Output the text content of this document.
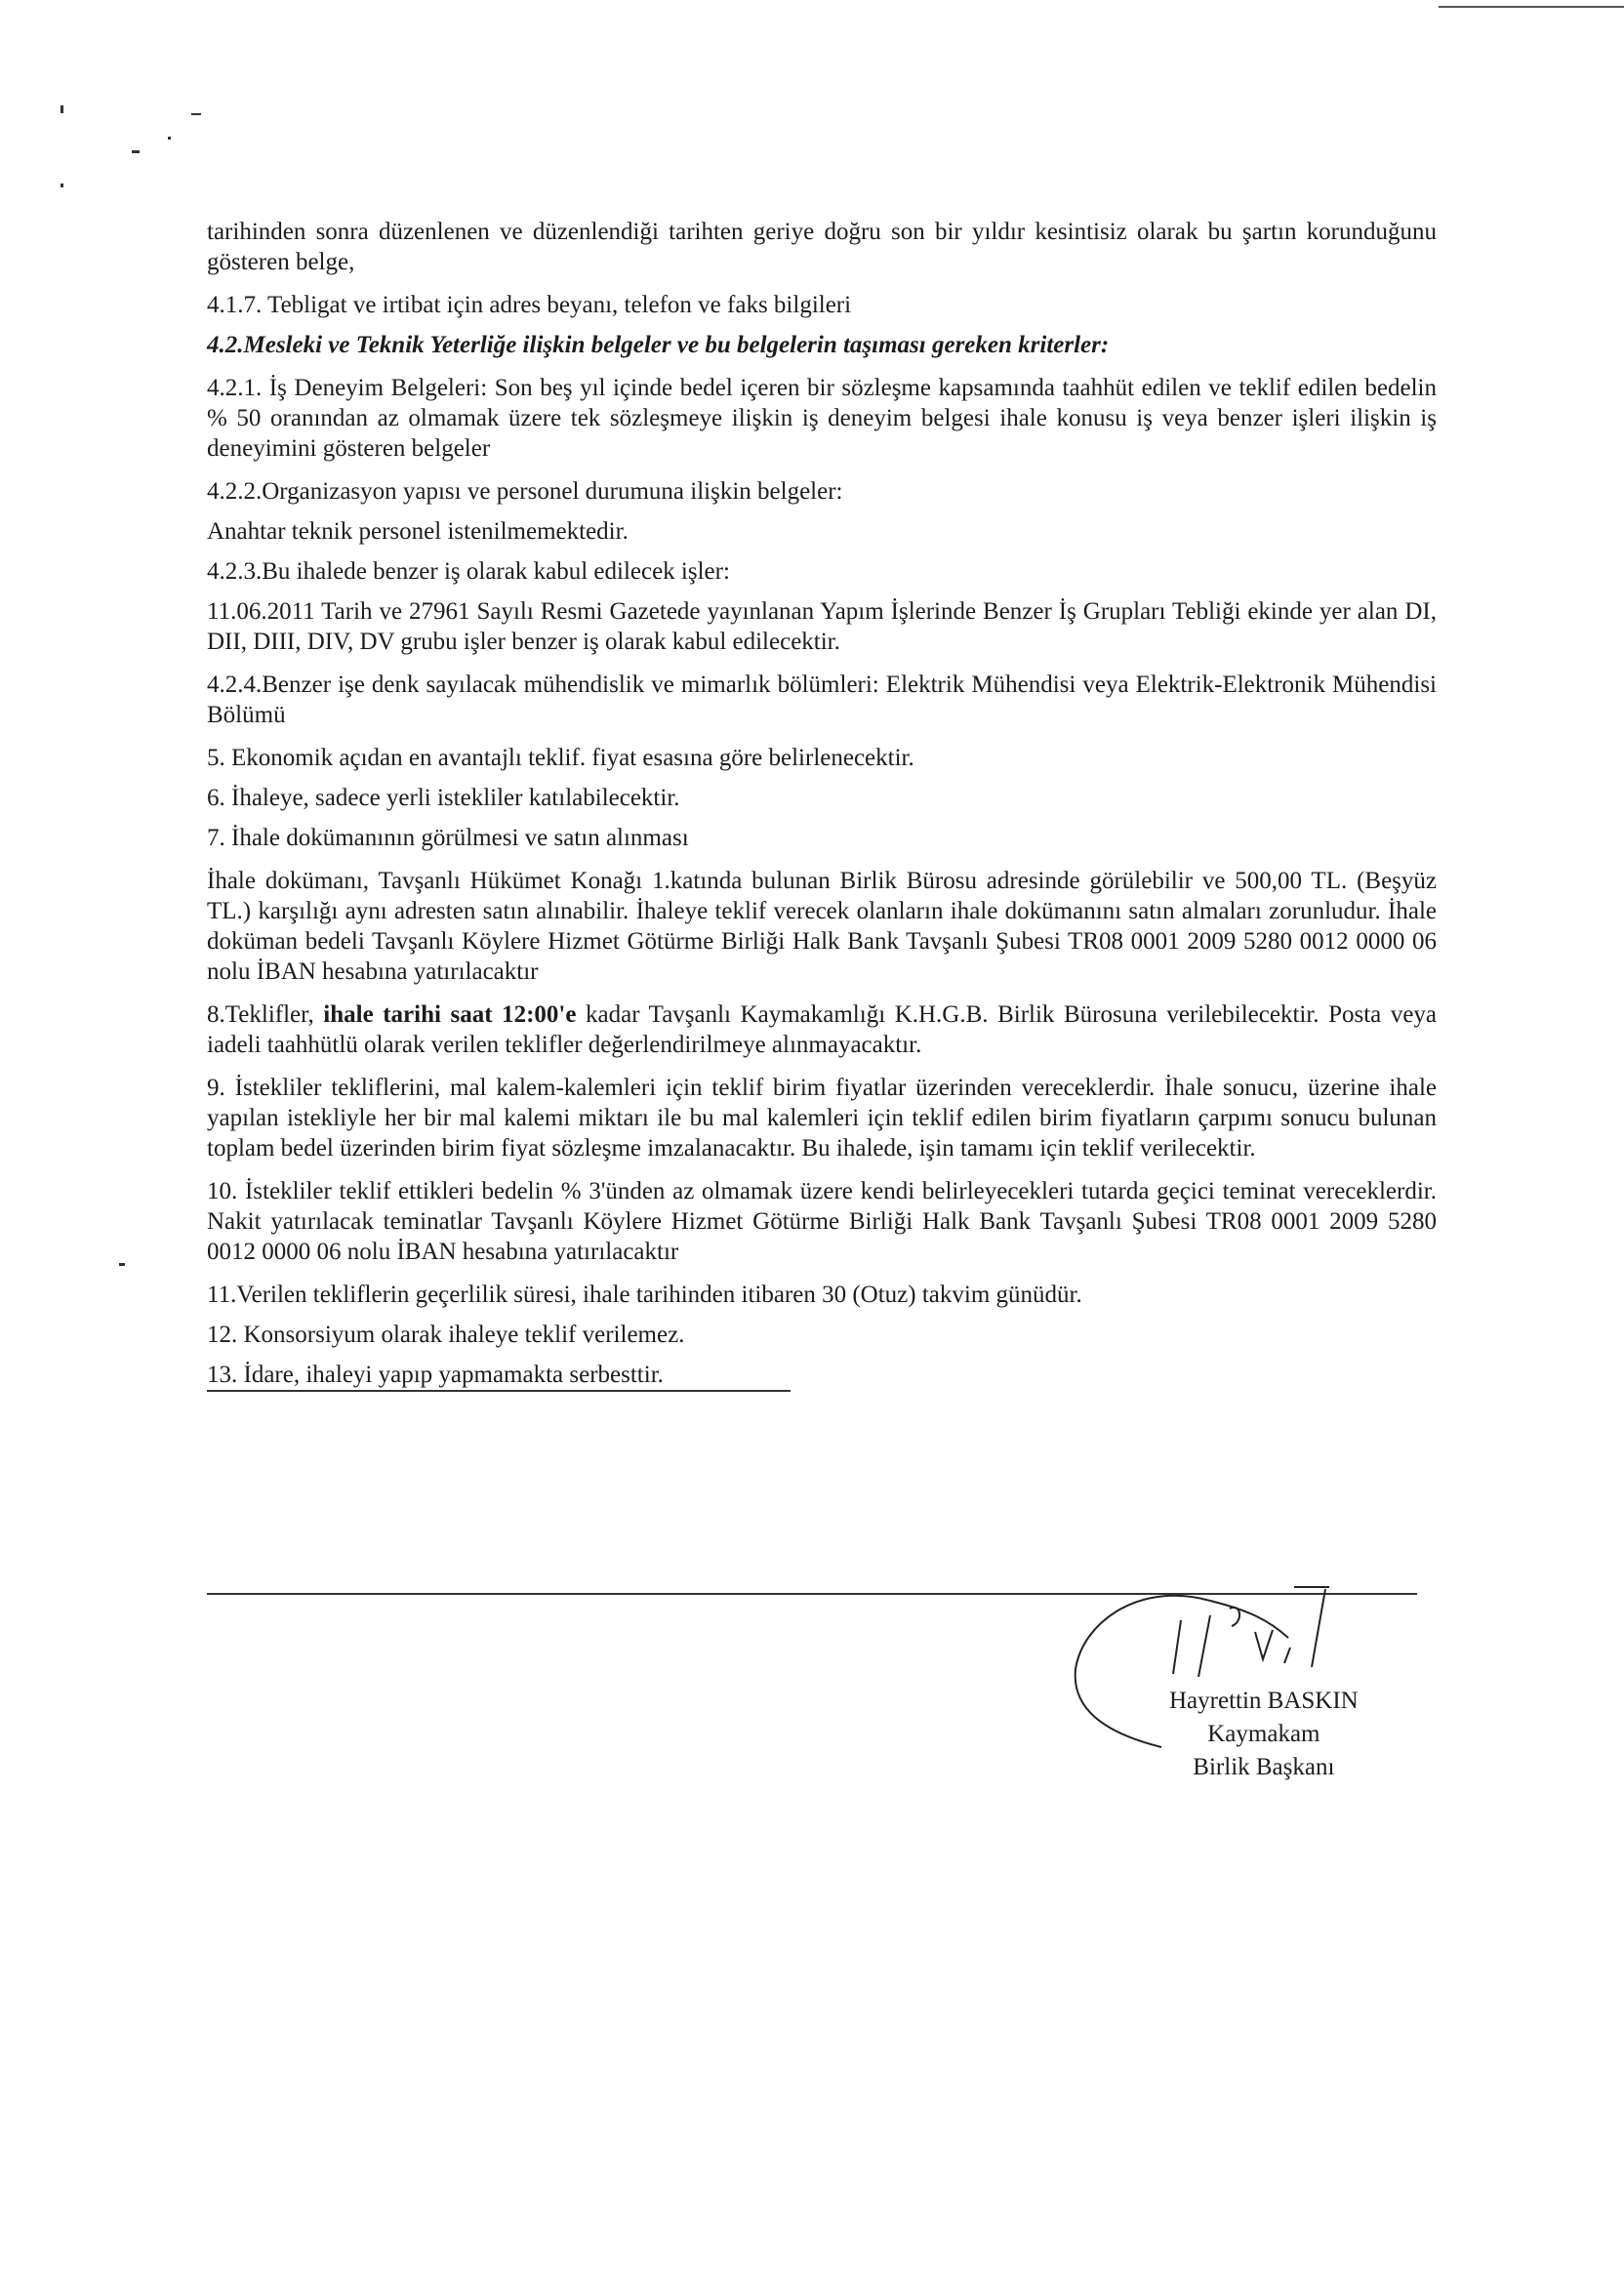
tarihinden sonra düzenlenen ve düzenlendiği tarihten geriye doğru son bir yıldır kesintisiz olarak bu şartın korunduğunu gösteren belge,

4.1.7. Tebligat ve irtibat için adres beyanı, telefon ve faks bilgileri

4.2.Mesleki ve Teknik Yeterliğe ilişkin belgeler ve bu belgelerin taşıması gereken kriterler:

4.2.1. İş Deneyim Belgeleri: Son beş yıl içinde bedel içeren bir sözleşme kapsamında taahhüt edilen ve teklif edilen bedelin % 50 oranından az olmamak üzere tek sözleşmeye ilişkin iş deneyim belgesi ihale konusu iş veya benzer işleri ilişkin iş deneyimini gösteren belgeler

4.2.2.Organizasyon yapısı ve personel durumuna ilişkin belgeler:

Anahtar teknik personel istenilmemektedir.

4.2.3.Bu ihalede benzer iş olarak kabul edilecek işler:

11.06.2011 Tarih ve 27961 Sayılı Resmi Gazetede yayınlanan Yapım İşlerinde Benzer İş Grupları Tebliği ekinde yer alan DI, DII, DIII, DIV, DV grubu işler benzer iş olarak kabul edilecektir.

4.2.4.Benzer işe denk sayılacak mühendislik ve mimarlık bölümleri: Elektrik Mühendisi veya Elektrik-Elektronik Mühendisi Bölümü

5. Ekonomik açıdan en avantajlı teklif. fiyat esasına göre belirlenecektir.

6. İhaleye, sadece yerli istekliler katılabilecektir.

7. İhale dokümanının görülmesi ve satın alınması

İhale dokümanı, Tavşanlı Hükümet Konağı 1.katında bulunan Birlik Bürosu adresinde görülebilir ve 500,00 TL. (Beşyüz TL.) karşılığı aynı adresten satın alınabilir. İhaleye teklif verecek olanların ihale dokümanını satın almaları zorunludur. İhale doküman bedeli Tavşanlı Köylere Hizmet Götürme Birliği Halk Bank Tavşanlı Şubesi TR08 0001 2009 5280 0012 0000 06 nolu İBAN hesabına yatırılacaktır

8.Teklifler, ihale tarihi saat 12:00'e kadar Tavşanlı Kaymakamlığı K.H.G.B. Birlik Bürosuna verilebilecektir. Posta veya iadeli taahhütlü olarak verilen teklifler değerlendirilmeye alınmayacaktır.

9. İstekliler tekliflerini, mal kalem-kalemleri için teklif birim fiyatlar üzerinden vereceklerdir. İhale sonucu, üzerine ihale yapılan istekliyle her bir mal kalemi miktarı ile bu mal kalemleri için teklif edilen birim fiyatların çarpımı sonucu bulunan toplam bedel üzerinden birim fiyat sözleşme imzalanacaktır. Bu ihalede, işin tamamı için teklif verilecektir.

10. İstekliler teklif ettikleri bedelin % 3'ünden az olmamak üzere kendi belirleyecekleri tutarda geçici teminat vereceklerdir. Nakit yatırılacak teminatlar Tavşanlı Köylere Hizmet Götürme Birliği Halk Bank Tavşanlı Şubesi TR08 0001 2009 5280 0012 0000 06 nolu İBAN hesabına yatırılacaktır

11.Verilen tekliflerin geçerlilik süresi, ihale tarihinden itibaren 30 (Otuz) takvim günüdür.

12. Konsorsiyum olarak ihaleye teklif verilemez.

13. İdare, ihaleyi yapıp yapmamakta serbesttir.

Hayrettin BASKIN
Kaymakam
Birlik Başkanı
